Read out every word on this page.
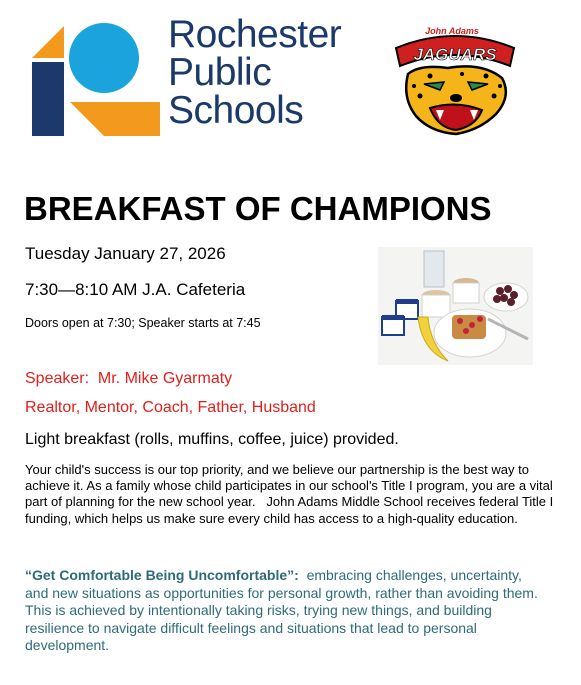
Rochester
Public
Schools
JAGUARS
John Adams
BREAKFAST OF CHAMPIONS
Tuesday January 27, 2026
7:30—8:10 AM J.A. Cafeteria
Doors open at 7:30; Speaker starts at 7:45
Speaker:  Mr. Mike Gyarmaty
Realtor, Mentor, Coach, Father, Husband
Light breakfast (rolls, muffins, coffee, juice) provided.
Your child's success is our top priority, and we believe our partnership is the best way to achieve it. As a family whose child participates in our school's Title I program, you are a vital part of planning for the new school year.   John Adams Middle School receives federal Title I funding, which helps us make sure every child has access to a high-quality education.
“Get Comfortable Being Uncomfortable”:  embracing challenges, uncertainty, and new situations as opportunities for personal growth, rather than avoiding them. This is achieved by intentionally taking risks, trying new things, and building resilience to navigate difficult feelings and situations that lead to personal development.
